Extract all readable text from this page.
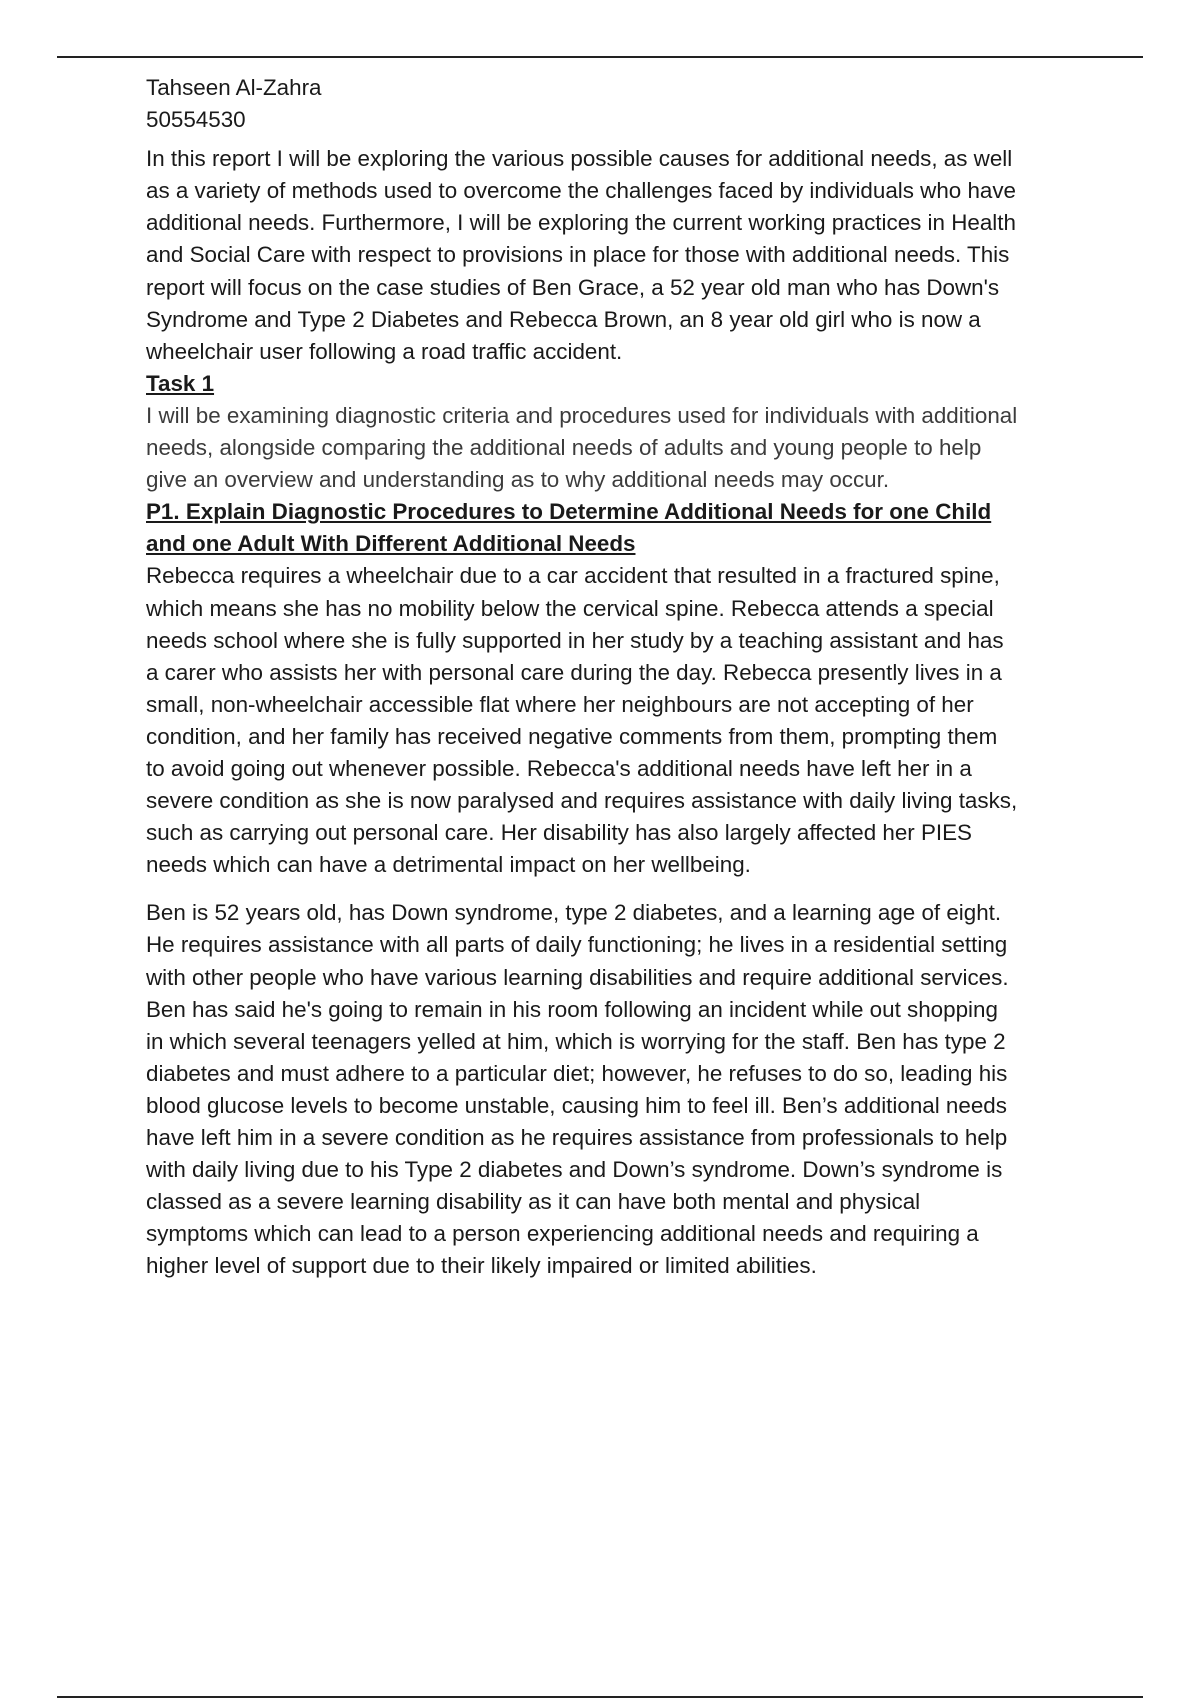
Tahseen Al-Zahra
50554530
In this report I will be exploring the various possible causes for additional needs, as well
as a variety of methods used to overcome the challenges faced by individuals who have
additional needs. Furthermore, I will be exploring the current working practices in Health
and Social Care with respect to provisions in place for those with additional needs. This
report will focus on the case studies of Ben Grace, a 52 year old man who has Down's
Syndrome and Type 2 Diabetes and Rebecca Brown, an 8 year old girl who is now a
wheelchair user following a road traffic accident.
Task 1
I will be examining diagnostic criteria and procedures used for individuals with additional
needs, alongside comparing the additional needs of adults and young people to help
give an overview and understanding as to why additional needs may occur.
P1. Explain Diagnostic Procedures to Determine Additional Needs for one Child
and one Adult With Different Additional Needs
Rebecca requires a wheelchair due to a car accident that resulted in a fractured spine,
which means she has no mobility below the cervical spine. Rebecca attends a special
needs school where she is fully supported in her study by a teaching assistant and has
a carer who assists her with personal care during the day. Rebecca presently lives in a
small, non-wheelchair accessible flat where her neighbours are not accepting of her
condition, and her family has received negative comments from them, prompting them
to avoid going out whenever possible. Rebecca's additional needs have left her in a
severe condition as she is now paralysed and requires assistance with daily living tasks,
such as carrying out personal care. Her disability has also largely affected her PIES
needs which can have a detrimental impact on her wellbeing.
Ben is 52 years old, has Down syndrome, type 2 diabetes, and a learning age of eight.
He requires assistance with all parts of daily functioning; he lives in a residential setting
with other people who have various learning disabilities and require additional services.
Ben has said he's going to remain in his room following an incident while out shopping
in which several teenagers yelled at him, which is worrying for the staff. Ben has type 2
diabetes and must adhere to a particular diet; however, he refuses to do so, leading his
blood glucose levels to become unstable, causing him to feel ill. Ben’s additional needs
have left him in a severe condition as he requires assistance from professionals to help
with daily living due to his Type 2 diabetes and Down’s syndrome. Down’s syndrome is
classed as a severe learning disability as it can have both mental and physical
symptoms which can lead to a person experiencing additional needs and requiring a
higher level of support due to their likely impaired or limited abilities.
